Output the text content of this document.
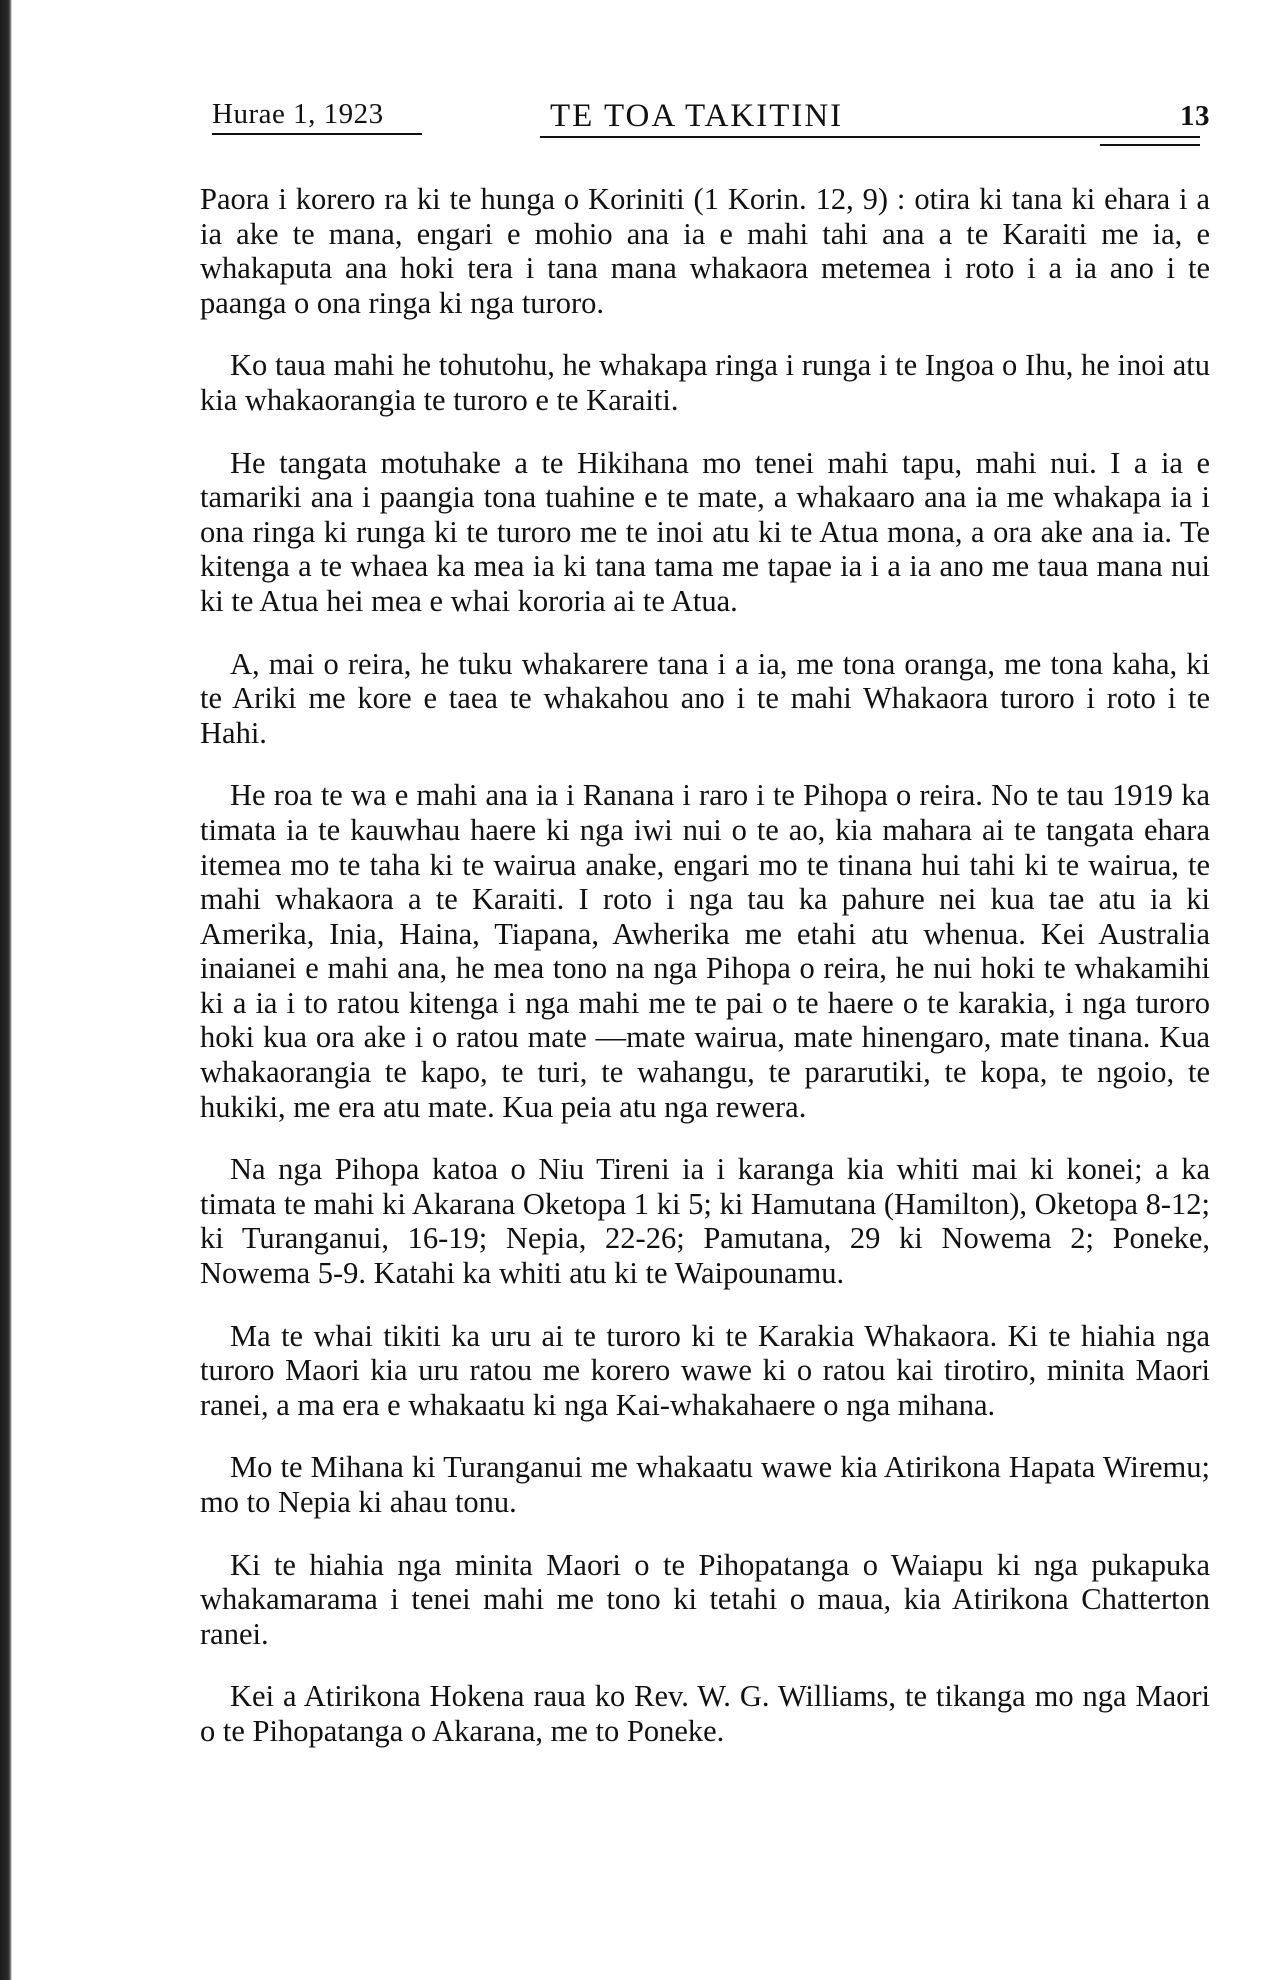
Hurae 1, 1923	TE TOA TAKITINI	13

Paora i korero ra ki te hunga o Koriniti (1 Korin. 12, 9) : otira ki tana ki ehara i a ia ake te mana, engari e mohio ana ia e mahi tahi ana a te Karaiti me ia, e whakaputa ana hoki tera i tana mana whakaora metemea i roto i a ia ano i te paanga o ona ringa ki nga turoro.

Ko taua mahi he tohutohu, he whakapa ringa i runga i te Ingoa o Ihu, he inoi atu kia whakaorangia te turoro e te Karaiti.

He tangata motuhake a te Hikihana mo tenei mahi tapu, mahi nui. I a ia e tamariki ana i paangia tona tuahine e te mate, a whakaaro ana ia me whakapa ia i ona ringa ki runga ki te turoro me te inoi atu ki te Atua mona, a ora ake ana ia. Te kitenga a te whaea ka mea ia ki tana tama me tapae ia i a ia ano me taua mana nui ki te Atua hei mea e whai kororia ai te Atua.

A, mai o reira, he tuku whakarere tana i a ia, me tona oranga, me tona kaha, ki te Ariki me kore e taea te whakahou ano i te mahi Whakaora turoro i roto i te Hahi.

He roa te wa e mahi ana ia i Ranana i raro i te Pihopa o reira. No te tau 1919 ka timata ia te kauwhau haere ki nga iwi nui o te ao, kia mahara ai te tangata ehara itemea mo te taha ki te wairua anake, engari mo te tinana hui tahi ki te wairua, te mahi whakaora a te Karaiti. I roto i nga tau ka pahure nei kua tae atu ia ki Amerika, Inia, Haina, Tiapana, Awherika me etahi atu whenua. Kei Australia inaianei e mahi ana, he mea tono na nga Pihopa o reira, he nui hoki te whakamihi ki a ia i to ratou kitenga i nga mahi me te pai o te haere o te karakia, i nga turoro hoki kua ora ake i o ratou mate —mate wairua, mate hinengaro, mate tinana. Kua whakaorangia te kapo, te turi, te wahangu, te pararutiki, te kopa, te ngoio, te hukiki, me era atu mate. Kua peia atu nga rewera.

Na nga Pihopa katoa o Niu Tireni ia i karanga kia whiti mai ki konei; a ka timata te mahi ki Akarana Oketopa 1 ki 5; ki Hamutana (Hamilton), Oketopa 8-12; ki Turanganui, 16-19; Nepia, 22-26; Pamutana, 29 ki Nowema 2; Poneke, Nowema 5-9. Katahi ka whiti atu ki te Waipounamu.

Ma te whai tikiti ka uru ai te turoro ki te Karakia Whakaora. Ki te hiahia nga turoro Maori kia uru ratou me korero wawe ki o ratou kai tirotiro, minita Maori ranei, a ma era e whakaatu ki nga Kai-whakahaere o nga mihana.

Mo te Mihana ki Turanganui me whakaatu wawe kia Atirikona Hapata Wiremu; mo to Nepia ki ahau tonu.

Ki te hiahia nga minita Maori o te Pihopatanga o Waiapu ki nga pukapuka whakamarama i tenei mahi me tono ki tetahi o maua, kia Atirikona Chatterton ranei.

Kei a Atirikona Hokena raua ko Rev. W. G. Williams, te tikanga mo nga Maori o te Pihopatanga o Akarana, me to Poneke.
